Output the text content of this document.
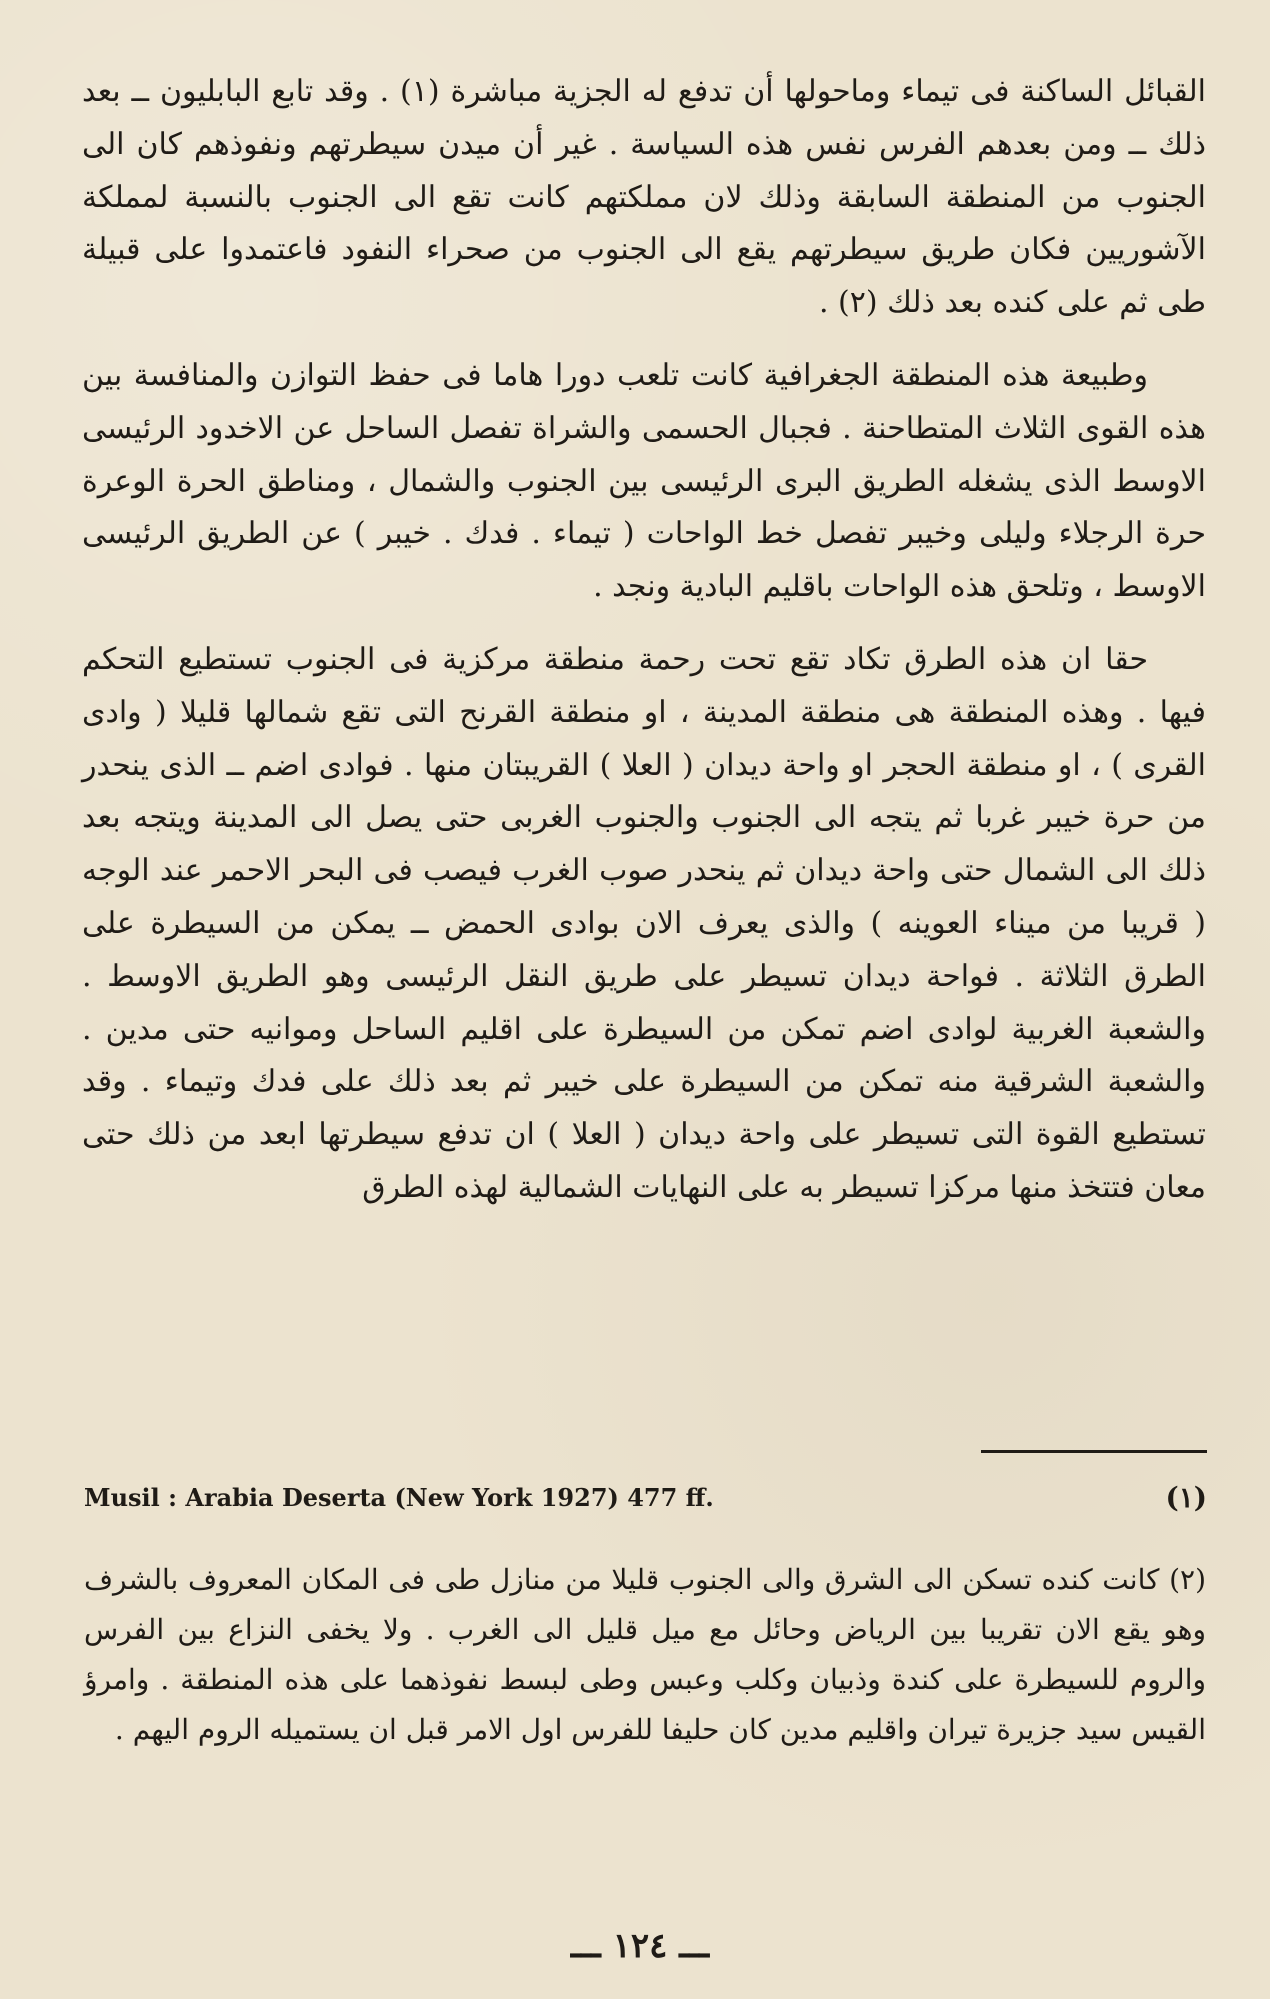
القبائل الساكنة فى تيماء وماحولها أن تدفع له الجزية مباشرة (١) . وقد تابع البابليون ــ بعد ذلك ــ ومن بعدهم الفرس نفس هذه السياسة . غير أن ميدن سيطرتهم ونفوذهم كان الى الجنوب من المنطقة السابقة وذلك لان مملكتهم كانت تقع الى الجنوب بالنسبة لمملكة الآشوريين فكان طريق سيطرتهم يقع الى الجنوب من صحراء النفود فاعتمدوا على قبيلة طى ثم على كنده بعد ذلك (٢) .

وطبيعة هذه المنطقة الجغرافية كانت تلعب دورا هاما فى حفظ التوازن والمنافسة بين هذه القوى الثلاث المتطاحنة . فجبال الحسمى والشراة تفصل الساحل عن الاخدود الرئيسى الاوسط الذى يشغله الطريق البرى الرئيسى بين الجنوب والشمال ، ومناطق الحرة الوعرة حرة الرجلاء وليلى وخيبر تفصل خط الواحات ( تيماء . فدك . خيبر ) عن الطريق الرئيسى الاوسط ، وتلحق هذه الواحات باقليم البادية ونجد .

حقا ان هذه الطرق تكاد تقع تحت رحمة منطقة مركزية فى الجنوب تستطيع التحكم فيها . وهذه المنطقة هى منطقة المدينة ، او منطقة القرنح التى تقع شمالها قليلا ( وادى القرى ) ، او منطقة الحجر او واحة ديدان ( العلا ) القريبتان منها . فوادى اضم ــ الذى ينحدر من حرة خيبر غربا ثم يتجه الى الجنوب والجنوب الغربى حتى يصل الى المدينة ويتجه بعد ذلك الى الشمال حتى واحة ديدان ثم ينحدر صوب الغرب فيصب فى البحر الاحمر عند الوجه ( قريبا من ميناء العوينه ) والذى يعرف الان بوادى الحمض ــ يمكن من السيطرة على الطرق الثلاثة . فواحة ديدان تسيطر على طريق النقل الرئيسى وهو الطريق الاوسط . والشعبة الغربية لوادى اضم تمكن من السيطرة على اقليم الساحل وموانيه حتى مدين . والشعبة الشرقية منه تمكن من السيطرة على خيبر ثم بعد ذلك على فدك وتيماء . وقد تستطيع القوة التى تسيطر على واحة ديدان ( العلا ) ان تدفع سيطرتها ابعد من ذلك حتى معان فتتخذ منها مركزا تسيطر به على النهايات الشمالية لهذه الطرق

(١)
Musil : Arabia Deserta (New York 1927) 477 ff.

(٢) كانت كنده تسكن الى الشرق والى الجنوب قليلا من منازل طى فى المكان المعروف بالشرف وهو يقع الان تقريبا بين الرياض وحائل مع ميل قليل الى الغرب . ولا يخفى النزاع بين الفرس والروم للسيطرة على كندة وذبيان وكلب وعبس وطى لبسط نفوذهما على هذه المنطقة . وامرؤ القيس سيد جزيرة تيران واقليم مدين كان حليفا للفرس اول الامر قبل ان يستميله الروم اليهم .

ـــ ١٢٤ ـــ
